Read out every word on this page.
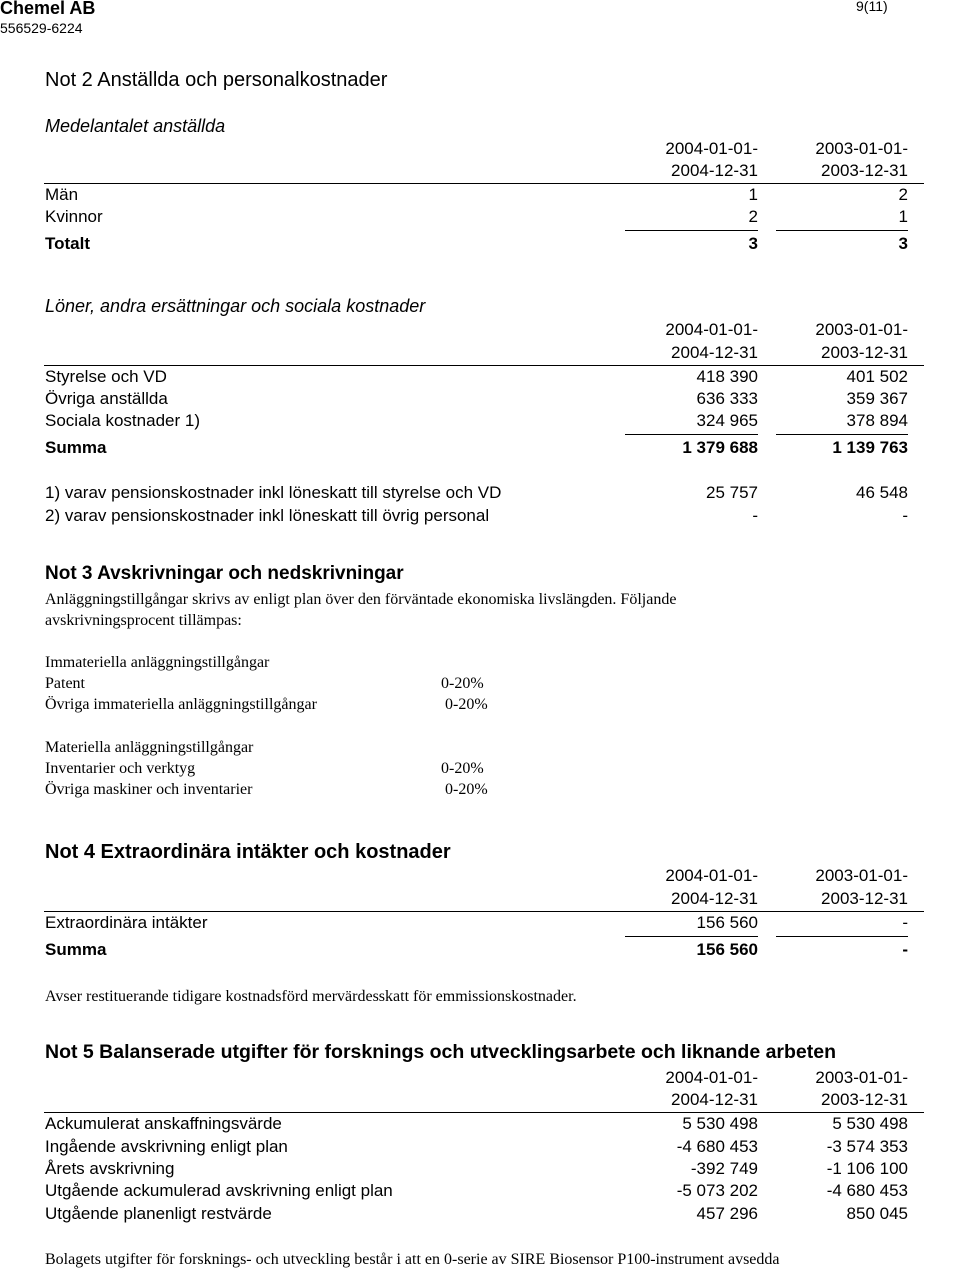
Chemel AB
556529-6224
9(11)
Not 2 Anställda och personalkostnader
Medelantalet anställda
2004-01-01-	2003-01-01-
2004-12-31	2003-12-31
Män	1	2
Kvinnor	2	1
Totalt	3	3
Löner, andra ersättningar och sociala kostnader
2004-01-01-	2003-01-01-
2004-12-31	2003-12-31
Styrelse och VD	418 390	401 502
Övriga anställda	636 333	359 367
Sociala kostnader 1)	324 965	378 894
Summa	1 379 688	1 139 763
1) varav pensionskostnader inkl löneskatt till styrelse och VD	25 757	46 548
2) varav pensionskostnader inkl löneskatt till övrig personal	-	-
Not 3 Avskrivningar och nedskrivningar
Anläggningstillgångar skrivs av enligt plan över den förväntade ekonomiska livslängden. Följande
avskrivningsprocent tillämpas:
Immateriella anläggningstillgångar
Patent	0-20%
Övriga immateriella anläggningstillgångar	0-20%
Materiella anläggningstillgångar
Inventarier och verktyg	0-20%
Övriga maskiner och inventarier	0-20%
Not 4 Extraordinära intäkter och kostnader
2004-01-01-	2003-01-01-
2004-12-31	2003-12-31
Extraordinära intäkter	156 560	-
Summa	156 560	-
Avser restituerande tidigare kostnadsförd mervärdesskatt för emmissionskostnader.
Not 5 Balanserade utgifter för forsknings och utvecklingsarbete och liknande arbeten
2004-01-01-	2003-01-01-
2004-12-31	2003-12-31
Ackumulerat anskaffningsvärde	5 530 498	5 530 498
Ingående avskrivning enligt plan	-4 680 453	-3 574 353
Årets avskrivning	-392 749	-1 106 100
Utgående ackumulerad avskrivning enligt plan	-5 073 202	-4 680 453
Utgående planenligt restvärde	457 296	850 045
Bolagets utgifter för forsknings- och utveckling består i att en 0-serie av SIRE Biosensor P100-instrument avsedda
